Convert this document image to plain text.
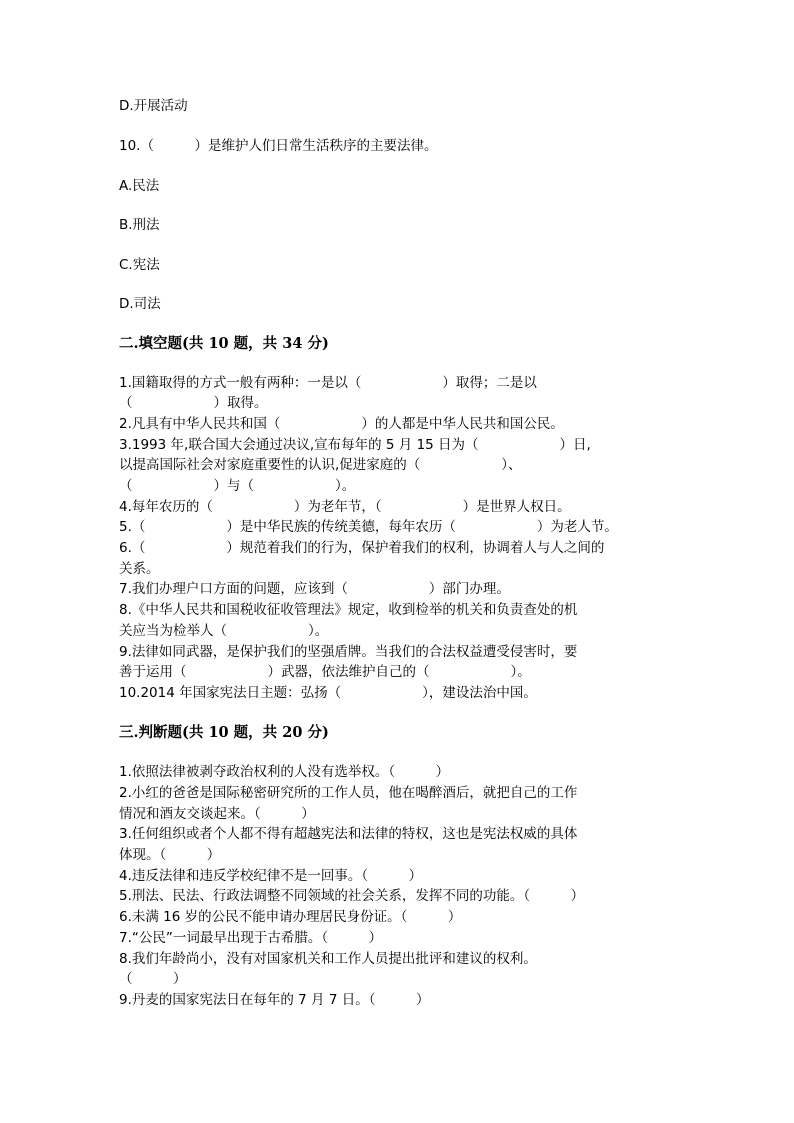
D.开展活动
10.（　　　）是维护人们日常生活秩序的主要法律。
A.民法
B.刑法
C.宪法
D.司法
二.填空题(共 10 题，共 34 分)
1.国籍取得的方式一般有两种：一是以（　　　　　　）取得；二是以
（　　　　　　）取得。
2.凡具有中华人民共和国（　　　　　　）的人都是中华人民共和国公民。
3.1993 年,联合国大会通过决议,宣布每年的 5 月 15 日为（　　　　　　）日,
以提高国际社会对家庭重要性的认识,促进家庭的（　　　　　　）、
（　　　　　　）与（　　　　　　）。
4.每年农历的（　　　　　　）为老年节，（　　　　　　）是世界人权日。
5.（　　　　　　）是中华民族的传统美德，每年农历（　　　　　　）为老人节。
6.（　　　　　　）规范着我们的行为，保护着我们的权利，协调着人与人之间的
关系。
7.我们办理户口方面的问题，应该到（　　　　　　）部门办理。
8.《中华人民共和国税收征收管理法》规定，收到检举的机关和负责查处的机
关应当为检举人（　　　　　　）。
9.法律如同武器，是保护我们的坚强盾牌。当我们的合法权益遭受侵害时，要
善于运用（　　　　　　）武器，依法维护自己的（　　　　　　）。
10.2014 年国家宪法日主题：弘扬（　　　　　　），建设法治中国。
三.判断题(共 10 题，共 20 分)
1.依照法律被剥夺政治权利的人没有选举权。（　　　）
2.小红的爸爸是国际秘密研究所的工作人员，他在喝醉酒后，就把自己的工作
情况和酒友交谈起来。（　　　）
3.任何组织或者个人都不得有超越宪法和法律的特权，这也是宪法权威的具体
体现。（　　　）
4.违反法律和违反学校纪律不是一回事。（　　　）
5.刑法、民法、行政法调整不同领域的社会关系，发挥不同的功能。（　　　）
6.未满 16 岁的公民不能申请办理居民身份证。（　　　）
7.“公民”一词最早出现于古希腊。（　　　）
8.我们年龄尚小，没有对国家机关和工作人员提出批评和建议的权利。
（　　　）
9.丹麦的国家宪法日在每年的 7 月 7 日。（　　　）
